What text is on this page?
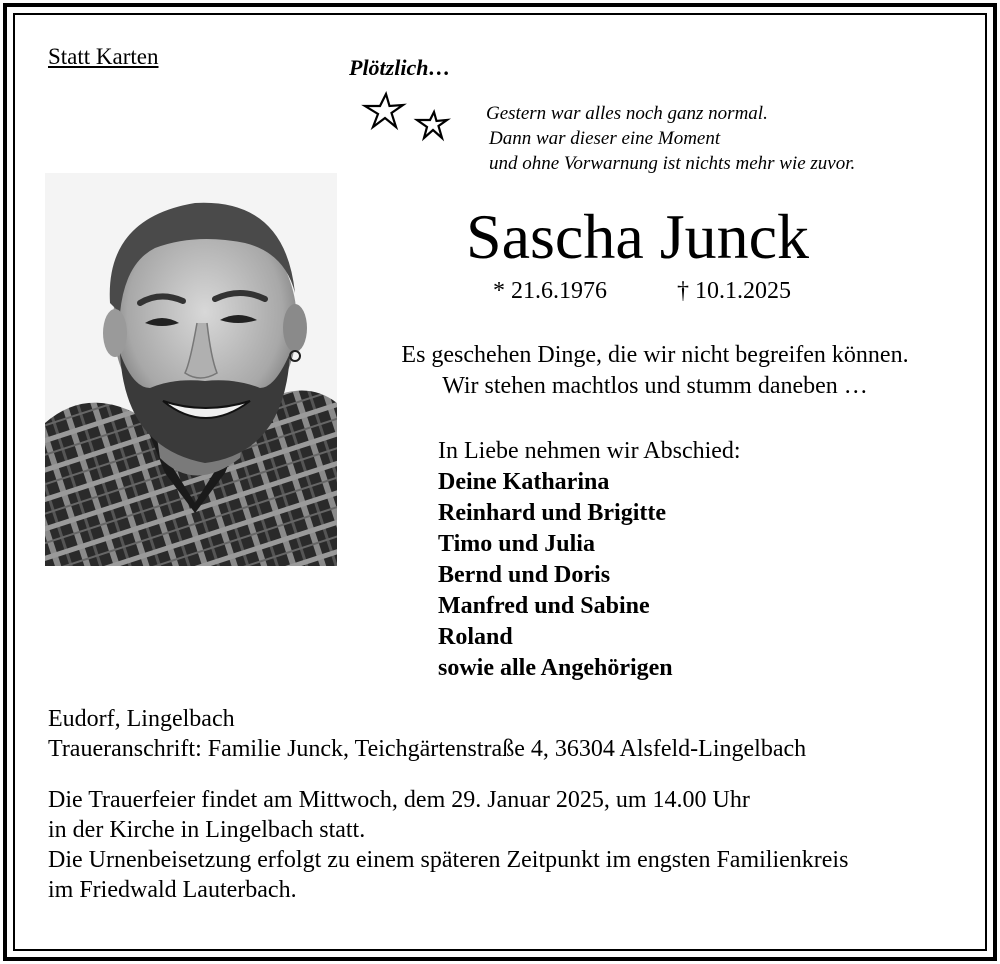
Statt Karten	Plötzlich…
Gestern war alles noch ganz normal.
Dann war dieser eine Moment
und ohne Vorwarnung ist nichts mehr wie zuvor.
Sascha Junck
* 21.6.1976	† 10.1.2025
Es geschehen Dinge, die wir nicht begreifen können.
Wir stehen machtlos und stumm daneben …
In Liebe nehmen wir Abschied:
Deine Katharina
Reinhard und Brigitte
Timo und Julia
Bernd und Doris
Manfred und Sabine
Roland
sowie alle Angehörigen
Eudorf, Lingelbach
Traueranschrift: Familie Junck, Teichgärtenstraße 4, 36304 Alsfeld-Lingelbach
Die Trauerfeier findet am Mittwoch, dem 29. Januar 2025, um 14.00 Uhr
in der Kirche in Lingelbach statt.
Die Urnenbeisetzung erfolgt zu einem späteren Zeitpunkt im engsten Familienkreis
im Friedwald Lauterbach.
